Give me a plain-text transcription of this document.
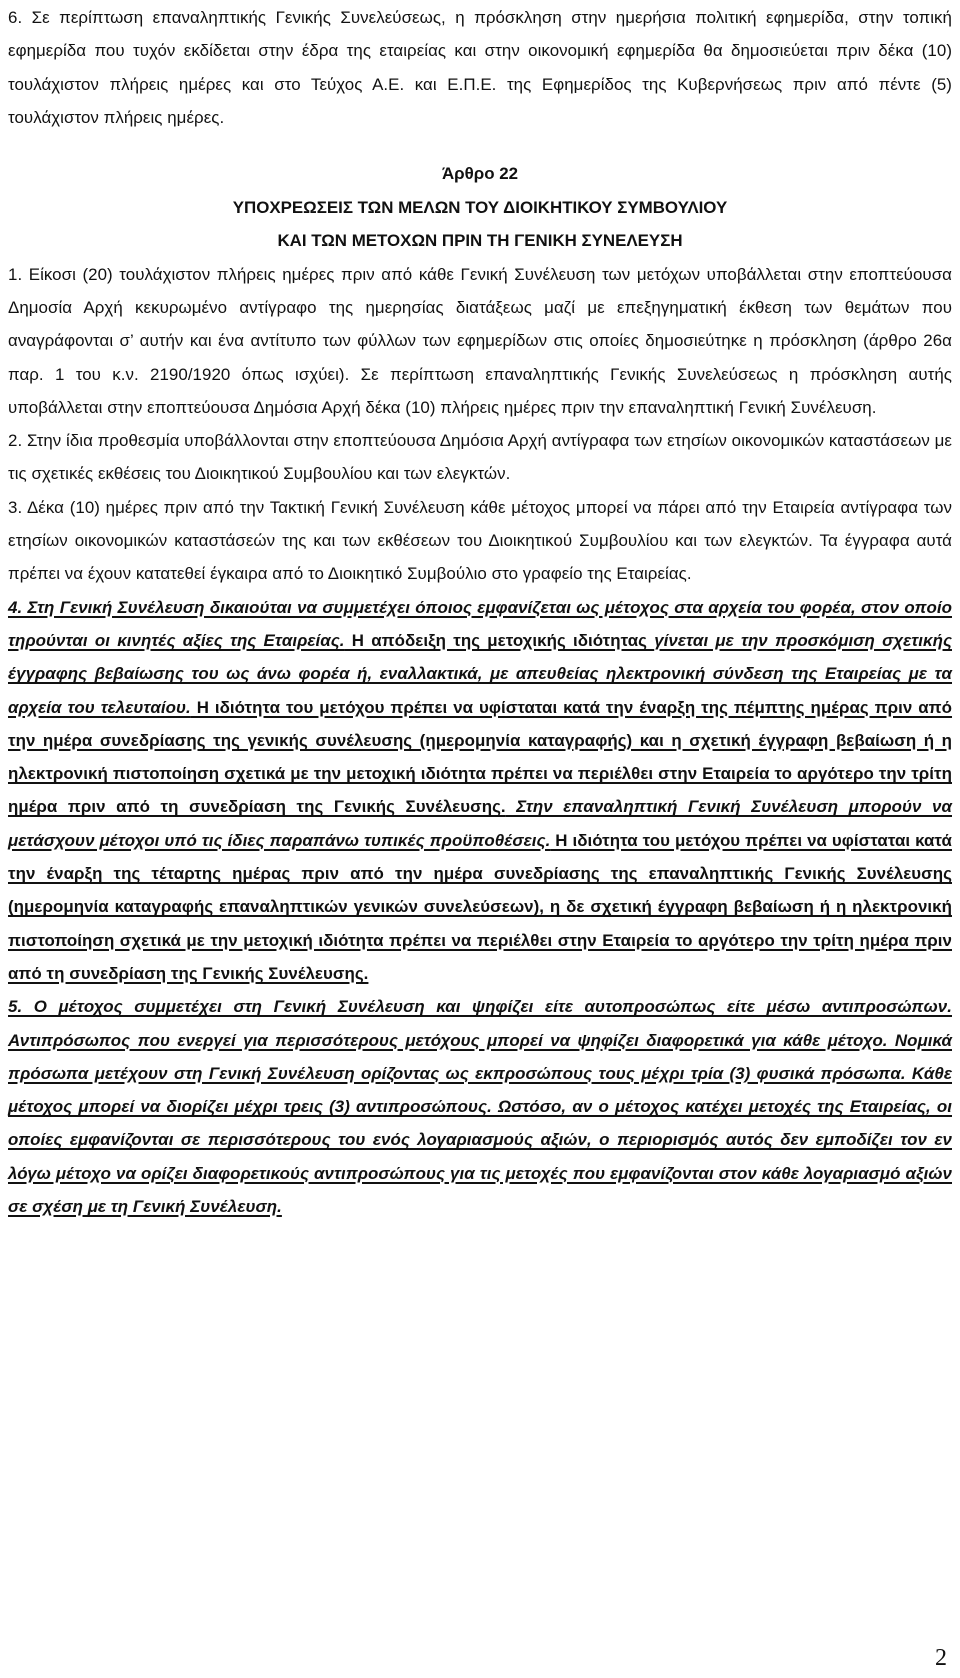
6. Σε περίπτωση επαναληπτικής Γενικής Συνελεύσεως, η πρόσκληση στην ημερήσια πολιτική εφημερίδα, στην τοπική εφημερίδα που τυχόν εκδίδεται στην έδρα της εταιρείας και στην οικονομική εφημερίδα θα δημοσιεύεται πριν δέκα (10) τουλάχιστον πλήρεις ημέρες και στο Τεύχος Α.Ε. και Ε.Π.Ε. της Εφημερίδος της Κυβερνήσεως πριν από πέντε (5) τουλάχιστον πλήρεις ημέρες.

Άρθρο 22

ΥΠΟΧΡΕΩΣΕΙΣ ΤΩΝ ΜΕΛΩΝ ΤΟΥ ΔΙΟΙΚΗΤΙΚΟΥ ΣΥΜΒΟΥΛΙΟΥ

ΚΑΙ ΤΩΝ ΜΕΤΟΧΩΝ ΠΡΙΝ ΤΗ ΓΕΝΙΚΗ ΣΥΝΕΛΕΥΣΗ

1. Είκοσι (20) τουλάχιστον πλήρεις ημέρες πριν από κάθε Γενική Συνέλευση των μετόχων υποβάλλεται στην εποπτεύουσα Δημοσία Αρχή κεκυρωμένο αντίγραφο της ημερησίας διατάξεως μαζί με επεξηγηματική έκθεση των θεμάτων που αναγράφονται σ’ αυτήν και ένα αντίτυπο των φύλλων των εφημερίδων στις οποίες δημοσιεύτηκε η πρόσκληση (άρθρο 26α παρ. 1 του κ.ν. 2190/1920 όπως ισχύει). Σε περίπτωση επαναληπτικής Γενικής Συνελεύσεως η πρόσκληση αυτής υποβάλλεται στην εποπτεύουσα Δημόσια Αρχή δέκα (10) πλήρεις ημέρες πριν την επαναληπτική Γενική Συνέλευση.

2. Στην ίδια προθεσμία υποβάλλονται στην εποπτεύουσα Δημόσια Αρχή αντίγραφα των ετησίων οικονομικών καταστάσεων με τις σχετικές εκθέσεις του Διοικητικού Συμβουλίου και των ελεγκτών.

3. Δέκα (10) ημέρες πριν από την Τακτική Γενική Συνέλευση κάθε μέτοχος μπορεί να πάρει από την Εταιρεία αντίγραφα των ετησίων οικονομικών καταστάσεών της και των εκθέσεων του Διοικητικού Συμβουλίου και των ελεγκτών. Τα έγγραφα αυτά πρέπει να έχουν κατατεθεί έγκαιρα από το Διοικητικό Συμβούλιο στο γραφείο της Εταιρείας.

4. Στη Γενική Συνέλευση δικαιούται να συμμετέχει όποιος εμφανίζεται ως μέτοχος στα αρχεία του φορέα, στον οποίο τηρούνται οι κινητές αξίες της Εταιρείας. Η απόδειξη της μετοχικής ιδιότητας γίνεται με την προσκόμιση σχετικής έγγραφης βεβαίωσης του ως άνω φορέα ή, εναλλακτικά, με απευθείας ηλεκτρονική σύνδεση της Εταιρείας με τα αρχεία του τελευταίου. Η ιδιότητα του μετόχου πρέπει να υφίσταται κατά την έναρξη της πέμπτης ημέρας πριν από την ημέρα συνεδρίασης της γενικής συνέλευσης (ημερομηνία καταγραφής) και η σχετική έγγραφη βεβαίωση ή η ηλεκτρονική πιστοποίηση σχετικά με την μετοχική ιδιότητα πρέπει να περιέλθει στην Εταιρεία το αργότερο την τρίτη ημέρα πριν από τη συνεδρίαση της Γενικής Συνέλευσης. Στην επαναληπτική Γενική Συνέλευση μπορούν να μετάσχουν μέτοχοι υπό τις ίδιες παραπάνω τυπικές προϋποθέσεις. Η ιδιότητα του μετόχου πρέπει να υφίσταται κατά την έναρξη της τέταρτης ημέρας πριν από την ημέρα συνεδρίασης της επαναληπτικής Γενικής Συνέλευσης (ημερομηνία καταγραφής επαναληπτικών γενικών συνελεύσεων), η δε σχετική έγγραφη βεβαίωση ή η ηλεκτρονική πιστοποίηση σχετικά με την μετοχική ιδιότητα πρέπει να περιέλθει στην Εταιρεία το αργότερο την τρίτη ημέρα πριν από τη συνεδρίαση της Γενικής Συνέλευσης.

5. Ο μέτοχος συμμετέχει στη Γενική Συνέλευση και ψηφίζει είτε αυτοπροσώπως είτε μέσω αντιπροσώπων. Αντιπρόσωπος που ενεργεί για περισσότερους μετόχους μπορεί να ψηφίζει διαφορετικά για κάθε μέτοχο. Νομικά πρόσωπα μετέχουν στη Γενική Συνέλευση ορίζοντας ως εκπροσώπους τους μέχρι τρία (3) φυσικά πρόσωπα. Κάθε μέτοχος μπορεί να διορίζει μέχρι τρεις (3) αντιπροσώπους. Ωστόσο, αν ο μέτοχος κατέχει μετοχές της Εταιρείας, οι οποίες εμφανίζονται σε περισσότερους του ενός λογαριασμούς αξιών, ο περιορισμός αυτός δεν εμποδίζει τον εν λόγω μέτοχο να ορίζει διαφορετικούς αντιπροσώπους για τις μετοχές που εμφανίζονται στον κάθε λογαριασμό αξιών σε σχέση με τη Γενική Συνέλευση.

2
